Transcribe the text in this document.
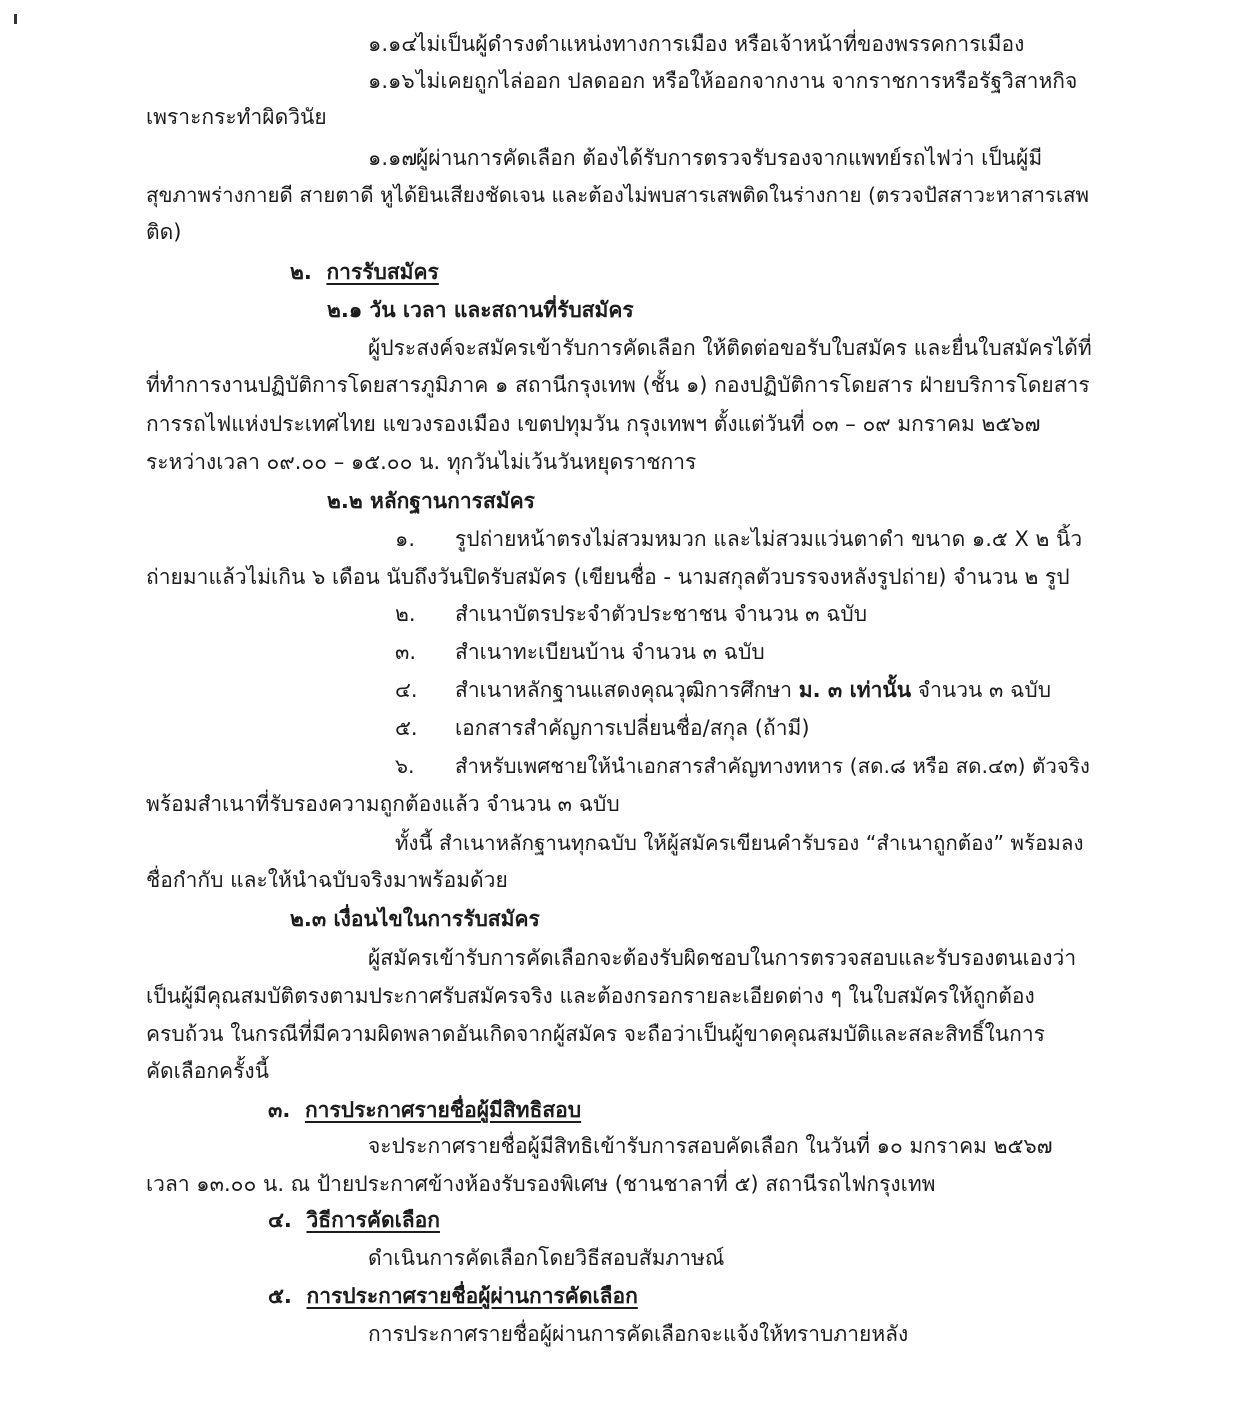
๑.๑๔ไม่เป็นผู้ดำรงตำแหน่งทางการเมือง หรือเจ้าหน้าที่ของพรรคการเมือง
๑.๑๖ไม่เคยถูกไล่ออก ปลดออก หรือให้ออกจากงาน จากราชการหรือรัฐวิสาหกิจ
เพราะกระทำผิดวินัย
๑.๑๗ผู้ผ่านการคัดเลือก ต้องได้รับการตรวจรับรองจากแพทย์รถไฟว่า เป็นผู้มี
สุขภาพร่างกายดี สายตาดี หูได้ยินเสียงชัดเจน และต้องไม่พบสารเสพติดในร่างกาย (ตรวจปัสสาวะหาสารเสพ
ติด)
๒. การรับสมัคร
๒.๑ วัน เวลา และสถานที่รับสมัคร
ผู้ประสงค์จะสมัครเข้ารับการคัดเลือก ให้ติดต่อขอรับใบสมัคร และยื่นใบสมัครได้ที่
ที่ทำการงานปฏิบัติการโดยสารภูมิภาค ๑ สถานีกรุงเทพ (ชั้น ๑) กองปฏิบัติการโดยสาร ฝ่ายบริการโดยสาร
การรถไฟแห่งประเทศไทย แขวงรองเมือง เขตปทุมวัน กรุงเทพฯ ตั้งแต่วันที่ ๐๓ – ๐๙ มกราคม ๒๕๖๗
ระหว่างเวลา ๐๙.๐๐ – ๑๕.๐๐ น. ทุกวันไม่เว้นวันหยุดราชการ
๒.๒ หลักฐานการสมัคร
๑. รูปถ่ายหน้าตรงไม่สวมหมวก และไม่สวมแว่นตาดำ ขนาด ๑.๕ X ๒ นิ้ว
ถ่ายมาแล้วไม่เกิน ๖ เดือน นับถึงวันปิดรับสมัคร (เขียนชื่อ - นามสกุลตัวบรรจงหลังรูปถ่าย) จำนวน ๒ รูป
๒. สำเนาบัตรประจำตัวประชาชน จำนวน ๓ ฉบับ
๓. สำเนาทะเบียนบ้าน จำนวน ๓ ฉบับ
๔. สำเนาหลักฐานแสดงคุณวุฒิการศึกษา ม. ๓ เท่านั้น จำนวน ๓ ฉบับ
๕. เอกสารสำคัญการเปลี่ยนชื่อ/สกุล (ถ้ามี)
๖. สำหรับเพศชายให้นำเอกสารสำคัญทางทหาร (สด.๘ หรือ สด.๔๓) ตัวจริง
พร้อมสำเนาที่รับรองความถูกต้องแล้ว จำนวน ๓ ฉบับ
ทั้งนี้ สำเนาหลักฐานทุกฉบับ ให้ผู้สมัครเขียนคำรับรอง “สำเนาถูกต้อง” พร้อมลง
ชื่อกำกับ และให้นำฉบับจริงมาพร้อมด้วย
๒.๓ เงื่อนไขในการรับสมัคร
ผู้สมัครเข้ารับการคัดเลือกจะต้องรับผิดชอบในการตรวจสอบและรับรองตนเองว่า
เป็นผู้มีคุณสมบัติตรงตามประกาศรับสมัครจริง และต้องกรอกรายละเอียดต่าง ๆ ในใบสมัครให้ถูกต้อง
ครบถ้วน ในกรณีที่มีความผิดพลาดอันเกิดจากผู้สมัคร จะถือว่าเป็นผู้ขาดคุณสมบัติและสละสิทธิ์ในการ
คัดเลือกครั้งนี้
๓. การประกาศรายชื่อผู้มีสิทธิสอบ
จะประกาศรายชื่อผู้มีสิทธิเข้ารับการสอบคัดเลือก ในวันที่ ๑๐ มกราคม ๒๕๖๗
เวลา ๑๓.๐๐ น. ณ ป้ายประกาศข้างห้องรับรองพิเศษ (ชานชาลาที่ ๕) สถานีรถไฟกรุงเทพ
๔. วิธีการคัดเลือก
ดำเนินการคัดเลือกโดยวิธีสอบสัมภาษณ์
๕. การประกาศรายชื่อผู้ผ่านการคัดเลือก
การประกาศรายชื่อผู้ผ่านการคัดเลือกจะแจ้งให้ทราบภายหลัง
